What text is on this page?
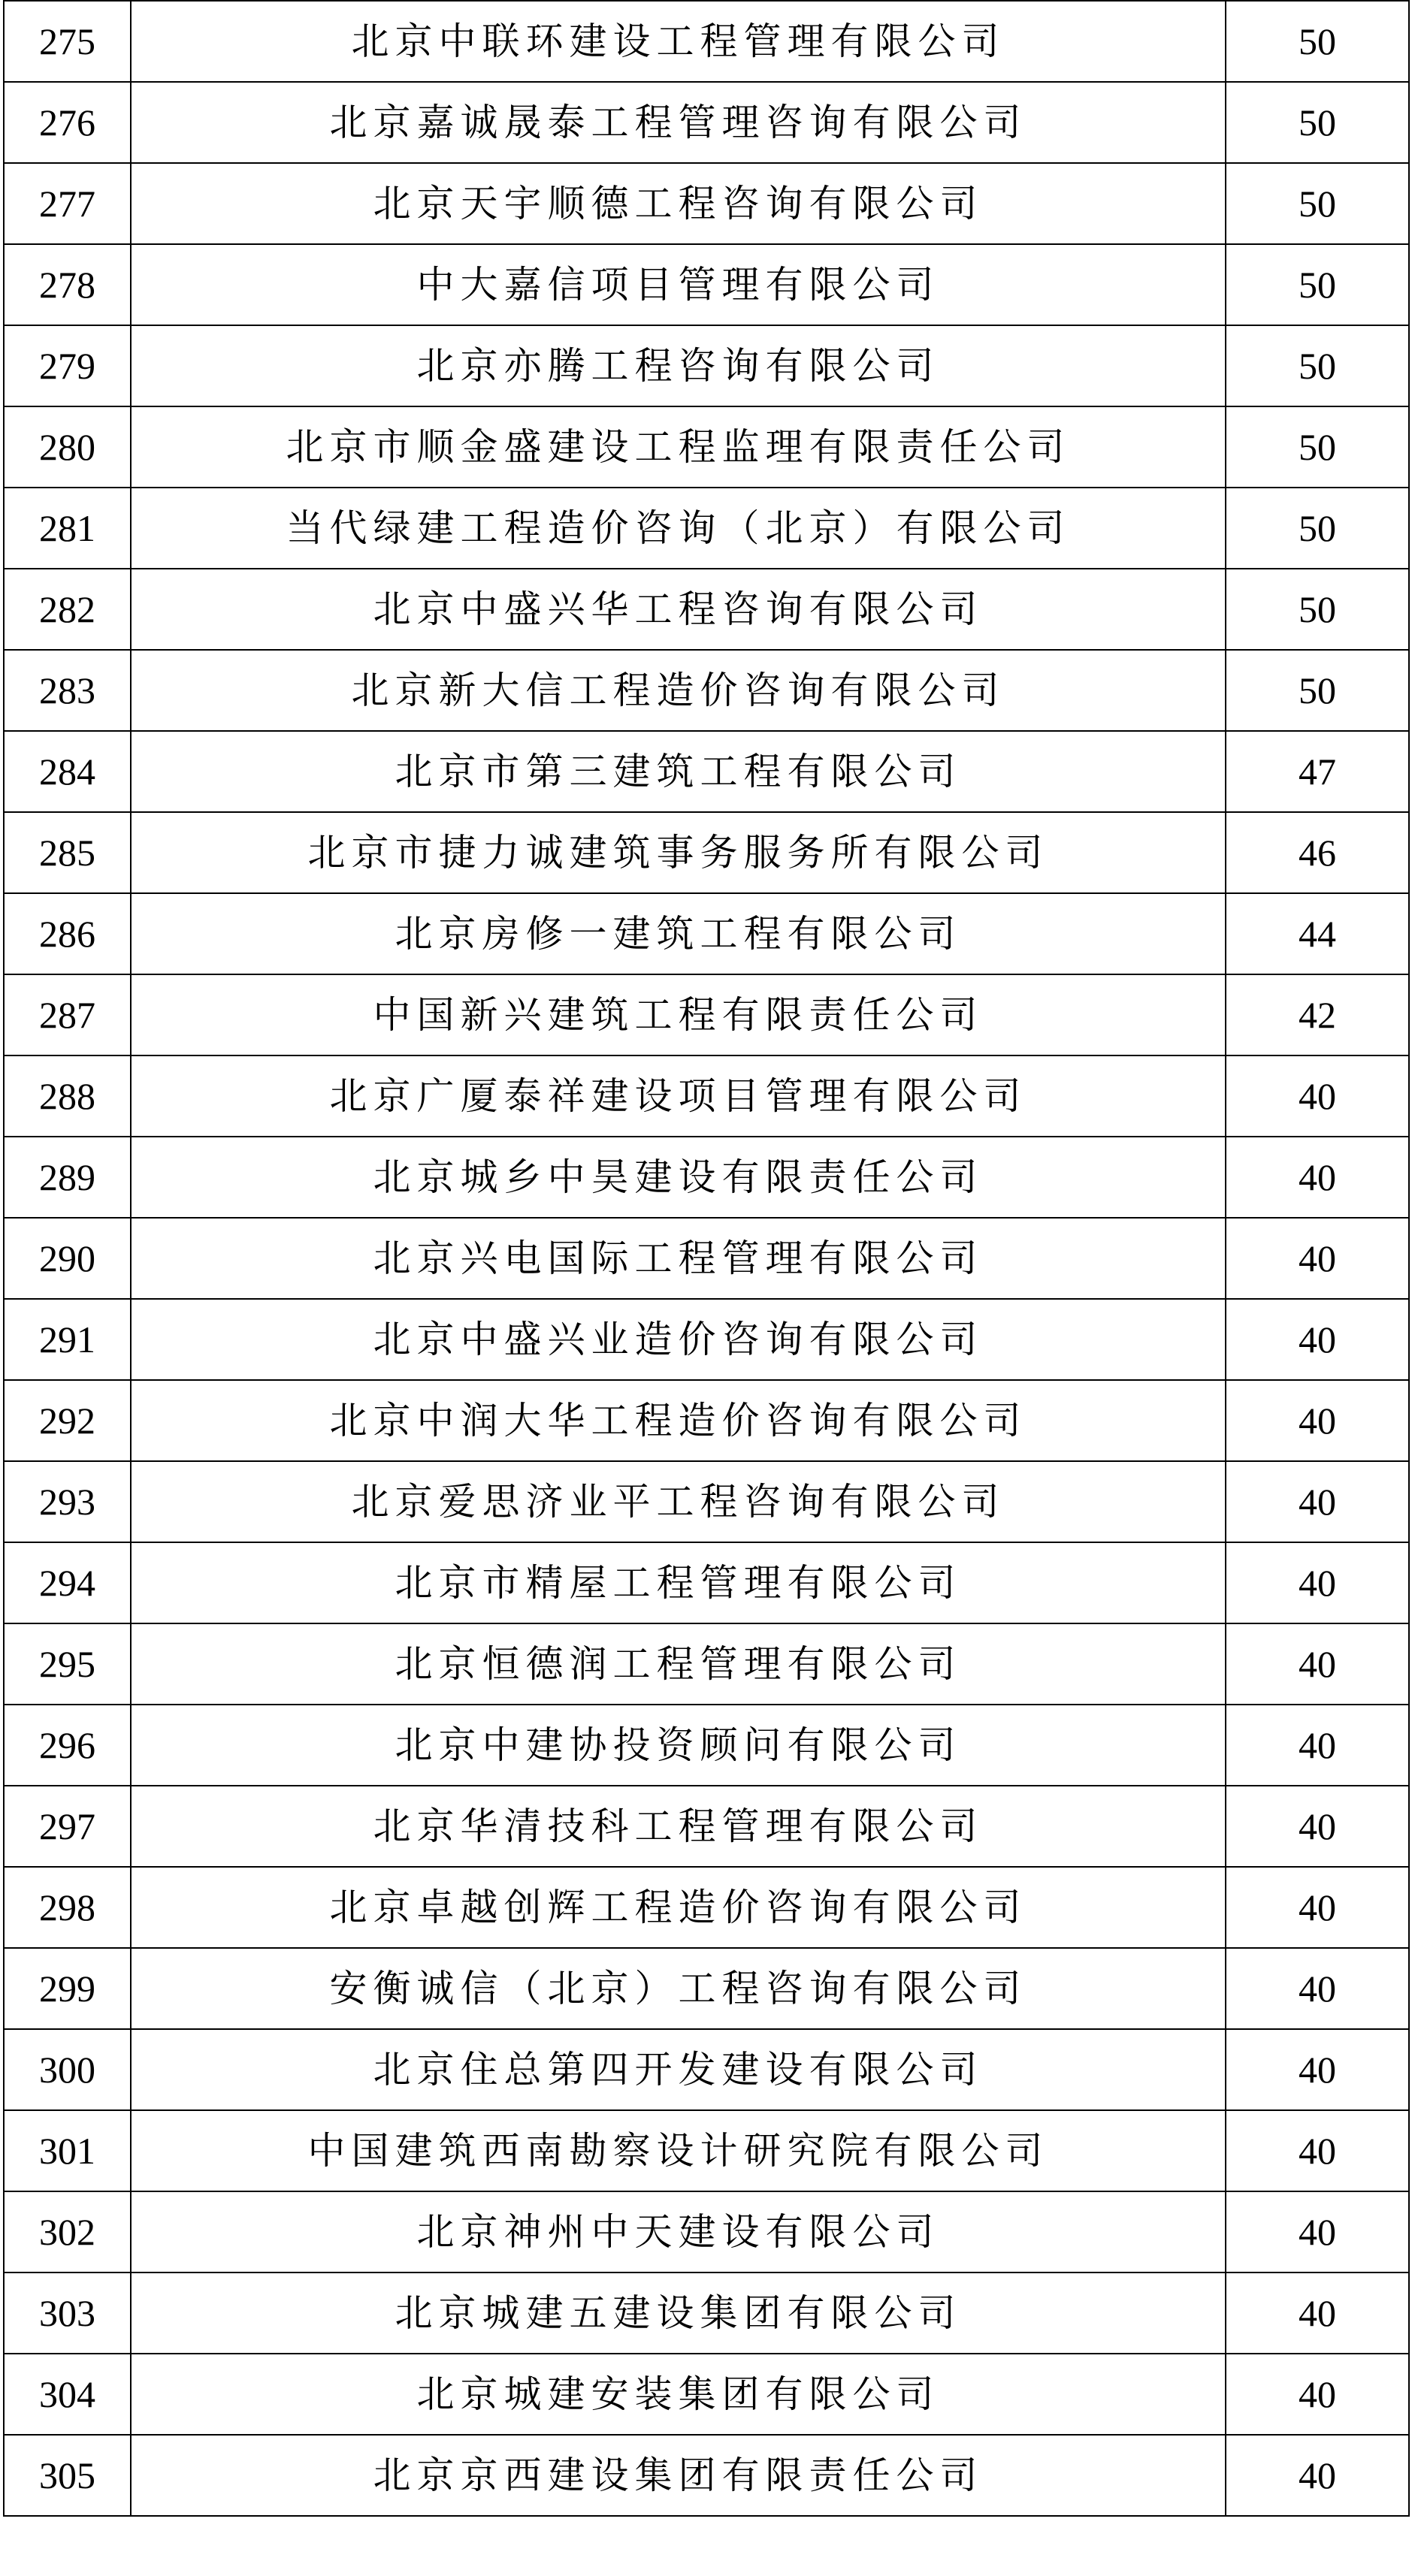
275	北京中联环建设工程管理有限公司	50
276	北京嘉诚晟泰工程管理咨询有限公司	50
277	北京天宇顺德工程咨询有限公司	50
278	中大嘉信项目管理有限公司	50
279	北京亦腾工程咨询有限公司	50
280	北京市顺金盛建设工程监理有限责任公司	50
281	当代绿建工程造价咨询（北京）有限公司	50
282	北京中盛兴华工程咨询有限公司	50
283	北京新大信工程造价咨询有限公司	50
284	北京市第三建筑工程有限公司	47
285	北京市捷力诚建筑事务服务所有限公司	46
286	北京房修一建筑工程有限公司	44
287	中国新兴建筑工程有限责任公司	42
288	北京广厦泰祥建设项目管理有限公司	40
289	北京城乡中昊建设有限责任公司	40
290	北京兴电国际工程管理有限公司	40
291	北京中盛兴业造价咨询有限公司	40
292	北京中润大华工程造价咨询有限公司	40
293	北京爱思济业平工程咨询有限公司	40
294	北京市精屋工程管理有限公司	40
295	北京恒德润工程管理有限公司	40
296	北京中建协投资顾问有限公司	40
297	北京华清技科工程管理有限公司	40
298	北京卓越创辉工程造价咨询有限公司	40
299	安衡诚信（北京）工程咨询有限公司	40
300	北京住总第四开发建设有限公司	40
301	中国建筑西南勘察设计研究院有限公司	40
302	北京神州中天建设有限公司	40
303	北京城建五建设集团有限公司	40
304	北京城建安装集团有限公司	40
305	北京京西建设集团有限责任公司	40
